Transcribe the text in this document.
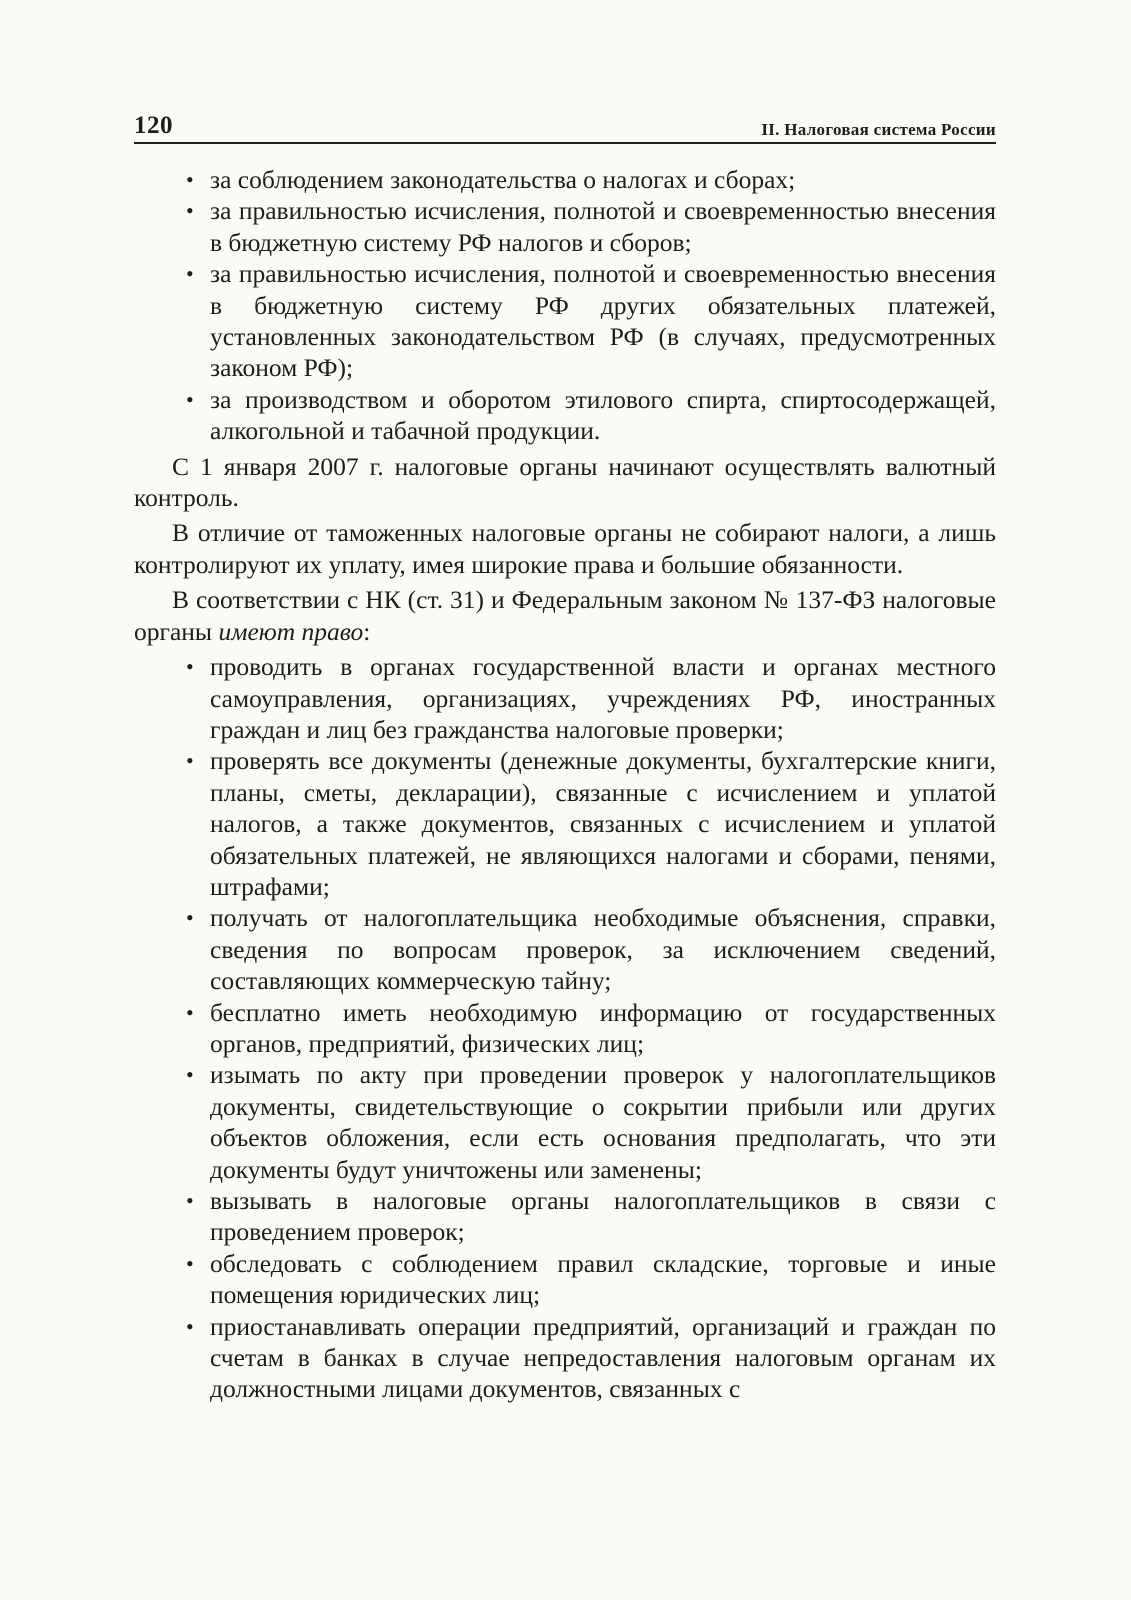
120	II. Налоговая система России
• за соблюдением законодательства о налогах и сборах;
• за правильностью исчисления, полнотой и своевременностью внесения в бюджетную систему РФ налогов и сборов;
• за правильностью исчисления, полнотой и своевременностью внесения в бюджетную систему РФ других обязательных платежей, установленных законодательством РФ (в случаях, предусмотренных законом РФ);
• за производством и оборотом этилового спирта, спиртосодержащей, алкогольной и табачной продукции.

С 1 января 2007 г. налоговые органы начинают осуществлять валютный контроль.

В отличие от таможенных налоговые органы не собирают налоги, а лишь контролируют их уплату, имея широкие права и большие обязанности.

В соответствии с НК (ст. 31) и Федеральным законом № 137-ФЗ налоговые органы имеют право:

• проводить в органах государственной власти и органах местного самоуправления, организациях, учреждениях РФ, иностранных граждан и лиц без гражданства налоговые проверки;
• проверять все документы (денежные документы, бухгалтерские книги, планы, сметы, декларации), связанные с исчислением и уплатой налогов, а также документов, связанных с исчислением и уплатой обязательных платежей, не являющихся налогами и сборами, пенями, штрафами;
• получать от налогоплательщика необходимые объяснения, справки, сведения по вопросам проверок, за исключением сведений, составляющих коммерческую тайну;
• бесплатно иметь необходимую информацию от государственных органов, предприятий, физических лиц;
• изымать по акту при проведении проверок у налогоплательщиков документы, свидетельствующие о сокрытии прибыли или других объектов обложения, если есть основания предполагать, что эти документы будут уничтожены или заменены;
• вызывать в налоговые органы налогоплательщиков в связи с проведением проверок;
• обследовать с соблюдением правил складские, торговые и иные помещения юридических лиц;
• приостанавливать операции предприятий, организаций и граждан по счетам в банках в случае непредоставления налоговым органам их должностными лицами документов, связанных с
